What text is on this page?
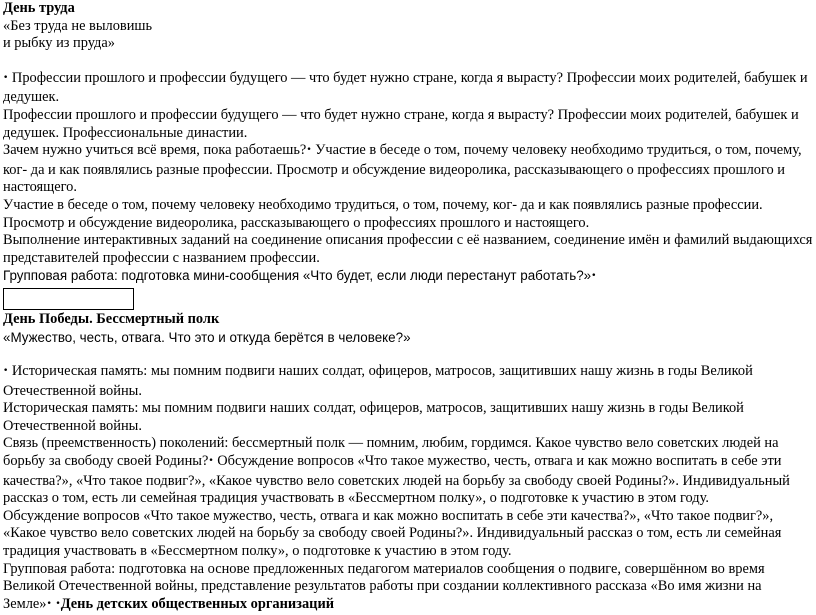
День труда
«Без труда не выловишь
и рыбку из пруда»

• Профессии прошлого и профессии будущего — что будет нужно стране, когда я вырасту? Профессии моих родителей, бабушек и дедушек.

Профессии прошлого и профессии будущего — что будет нужно стране, когда я вырасту? Профессии моих родителей, бабушек и дедушек. Профессиональные династии.

Зачем нужно учиться всё время, пока работаешь?• Участие в беседе о том, почему человеку необходимо трудиться, о том, почему, ког- да и как появлялись разные профессии. Просмотр и обсуждение видеоролика, рассказывающего о профессиях прошлого и настоящего.

Участие в беседе о том, почему человеку необходимо трудиться, о том, почему, ког- да и как появлялись разные профессии. Просмотр и обсуждение видеоролика, рассказывающего о профессиях прошлого и настоящего.

Выполнение интерактивных заданий на соединение описания профессии с её названием, соединение имён и фамилий выдающихся представителей профессии с названием профессии.

Групповая работа: подготовка мини-сообщения «Что будет, если люди перестанут работать?»•

День Победы. Бессмертный полк

«Мужество, честь, отвага. Что это и откуда берётся в человеке?»

• Историческая память: мы помним подвиги наших солдат, офицеров, матросов, защитивших нашу жизнь в годы Великой Отечественной войны.

Историческая память: мы помним подвиги наших солдат, офицеров, матросов, защитивших нашу жизнь в годы Великой Отечественной войны.

Связь (преемственность) поколений: бессмертный полк — помним, любим, гордимся. Какое чувство вело советских людей на борьбу за свободу своей Родины?• Обсуждение вопросов «Что такое мужество, честь, отвага и как можно воспитать в себе эти качества?», «Что такое подвиг?», «Какое чувство вело советских людей на борьбу за свободу своей Родины?». Индивидуальный рассказ о том, есть ли семейная традиция участвовать в «Бессмертном полку», о подготовке к участию в этом году.

Обсуждение вопросов «Что такое мужество, честь, отвага и как можно воспитать в себе эти качества?», «Что такое подвиг?», «Какое чувство вело советских людей на борьбу за свободу своей Родины?». Индивидуальный рассказ о том, есть ли семейная традиция участвовать в «Бессмертном полку», о подготовке к участию в этом году.

Групповая работа: подготовка на основе предложенных педагогом материалов сообщения о подвиге, совершённом во время Великой Отечественной войны, представление результатов работы при создании коллективного рассказа «Во имя жизни на Земле»• •День детских общественных организаций
